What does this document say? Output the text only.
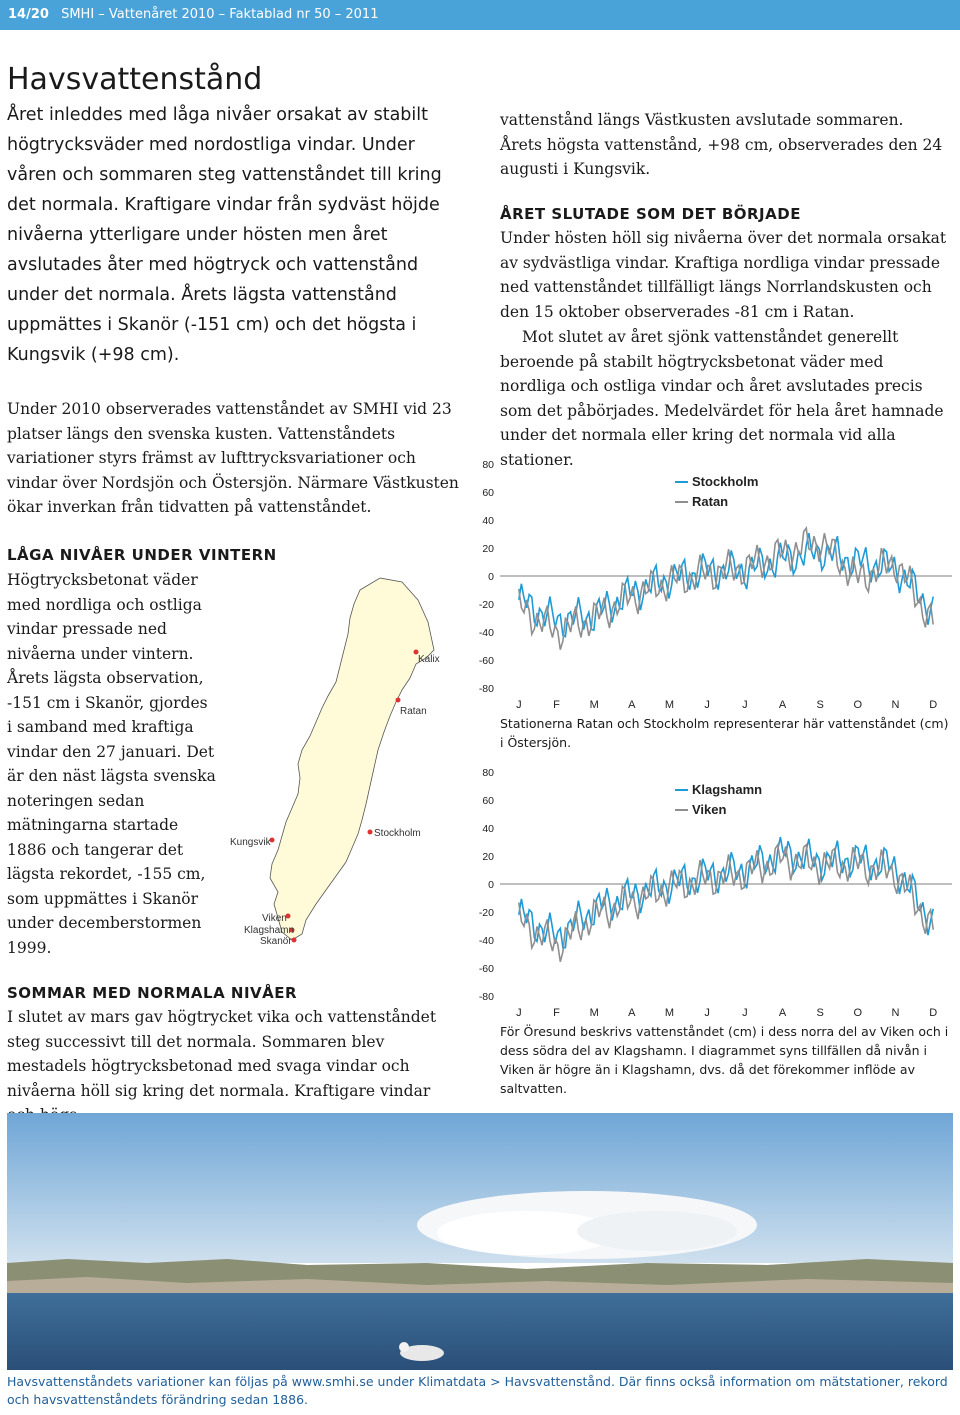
14/20 SMHI – Vattenåret 2010 – Faktablad nr 50 – 2011
Havsvattenstånd

Året inleddes med låga nivåer orsakat av stabilt högtrycksväder med nordostliga vindar. Under våren och sommaren steg vattenståndet till kring det normala. Kraftigare vindar från sydväst höjde nivåerna ytterligare under hösten men året avslutades åter med högtryck och vattenstånd under det normala. Årets lägsta vattenstånd uppmättes i Skanör (-151 cm) och det högsta i Kungsvik (+98 cm).

Under 2010 observerades vattenståndet av SMHI vid 23 platser längs den svenska kusten. Vattenståndets variationer styrs främst av lufttrycksvariationer och vindar över Nordsjön och Östersjön. Närmare Västkusten ökar inverkan från tidvatten på vattenståndet.

LÅGA NIVÅER UNDER VINTERN

Högtrycksbetonat väder med nordliga och ostliga vindar pressade ned nivåerna under vintern. Årets lägsta observation, -151 cm i Skanör, gjordes i samband med kraftiga vindar den 27 januari. Det är den näst lägsta svenska noteringen sedan mätningarna startade 1886 och tangerar det lägsta rekordet, -155 cm, som uppmättes i Skanör under decemberstormen 1999.

SOMMAR MED NORMALA NIVÅER

I slutet av mars gav högtrycket vika och vattenståndet steg successivt till det normala. Sommaren blev mestadels högtrycksbetonad med svaga vindar och nivåerna höll sig kring det normala. Kraftigare vindar

Kalix
Ratan
Stockholm
Kungsvik
Viken
Klagshamn
Skanör

vattenstånd längs Västkusten avslutade sommaren. Årets högsta vattenstånd, +98 cm, observerades den 24 augusti i Kungsvik.

ÅRET SLUTADE SOM DET BÖRJADE

Under hösten höll sig nivåerna över det normala orsakat av sydvästliga vindar. Kraftiga nordliga vindar pressade ned vattenståndet tillfälligt längs Norrlandskusten och den 15 oktober observerades -81 cm i Ratan.

Mot slutet av året sjönk vattenståndet generellt beroende på stabilt högtrycksbetonat väder med nordliga och ostliga vindar och året avslutades precis som det påbörjades. Medelvärdet för hela året hamnade under det normala eller kring det normala vid alla stationer.

80
60
40
20
0
-20
-40
-60
-80
J	F	M	A	M	J	J	A	S	O	N	D
Stockholm
Ratan

Stationerna Ratan och Stockholm representerar här vattenståndet (cm) i Östersjön.

80
60
40
20
0
-20
-40
-60
-80
J	F	M	A	M	J	J	A	S	O	N	D
Klagshamn
Viken

För Öresund beskrivs vattenståndet (cm) i dess norra del av Viken och i dess södra del av Klagshamn. I diagrammet syns tillfällen då nivån i Viken är högre än i Klagshamn, dvs. då det förekommer inflöde av saltvatten.

Havsvattenståndets variationer kan följas på www.smhi.se under Klimatdata > Havsvattenstånd. Där finns också information om mätstationer, rekord och havsvattenståndets förändring sedan 1886.
